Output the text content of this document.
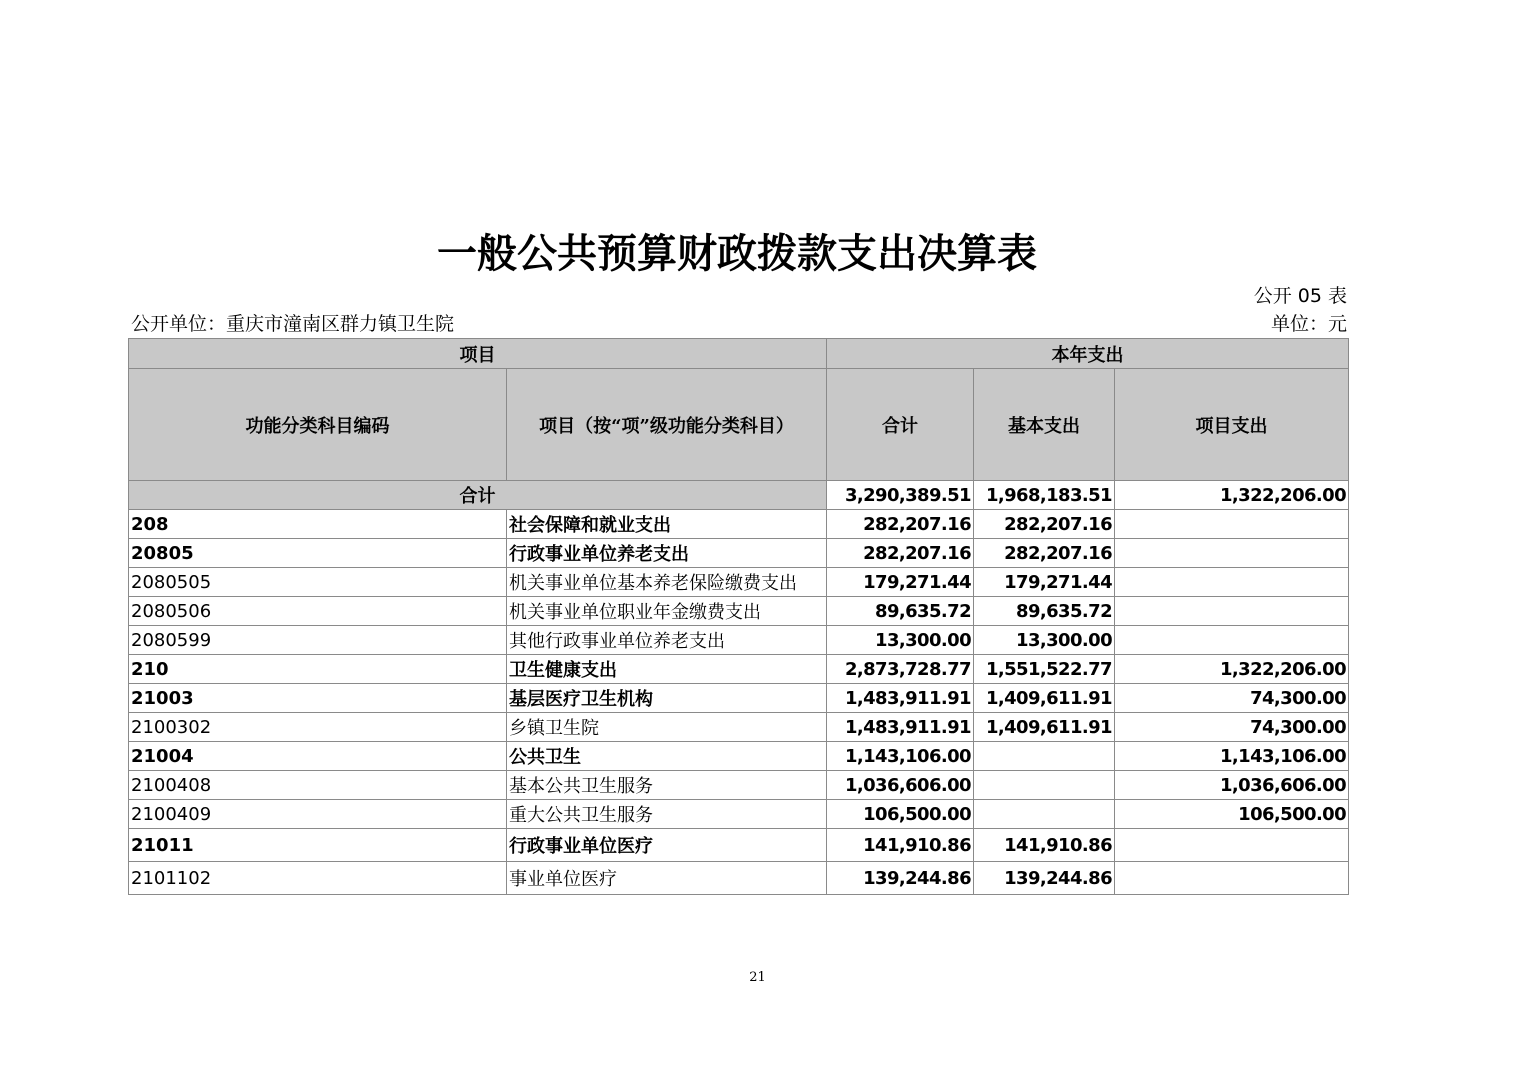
一般公共预算财政拨款支出决算表
公开 05 表
公开单位：重庆市潼南区群力镇卫生院	单位：元
项目		本年支出		
功能分类科目编码	项目（按“项”级功能分类科目）	合计	基本支出	项目支出
合计		3,290,389.51	1,968,183.51	1,322,206.00
208	社会保障和就业支出	282,207.16	282,207.16	
20805	行政事业单位养老支出	282,207.16	282,207.16	
2080505	机关事业单位基本养老保险缴费支出	179,271.44	179,271.44	
2080506	机关事业单位职业年金缴费支出	89,635.72	89,635.72	
2080599	其他行政事业单位养老支出	13,300.00	13,300.00	
210	卫生健康支出	2,873,728.77	1,551,522.77	1,322,206.00
21003	基层医疗卫生机构	1,483,911.91	1,409,611.91	74,300.00
2100302	乡镇卫生院	1,483,911.91	1,409,611.91	74,300.00
21004	公共卫生	1,143,106.00		1,143,106.00
2100408	基本公共卫生服务	1,036,606.00		1,036,606.00
2100409	重大公共卫生服务	106,500.00		106,500.00
21011	行政事业单位医疗	141,910.86	141,910.86	
2101102	事业单位医疗	139,244.86	139,244.86	
21
